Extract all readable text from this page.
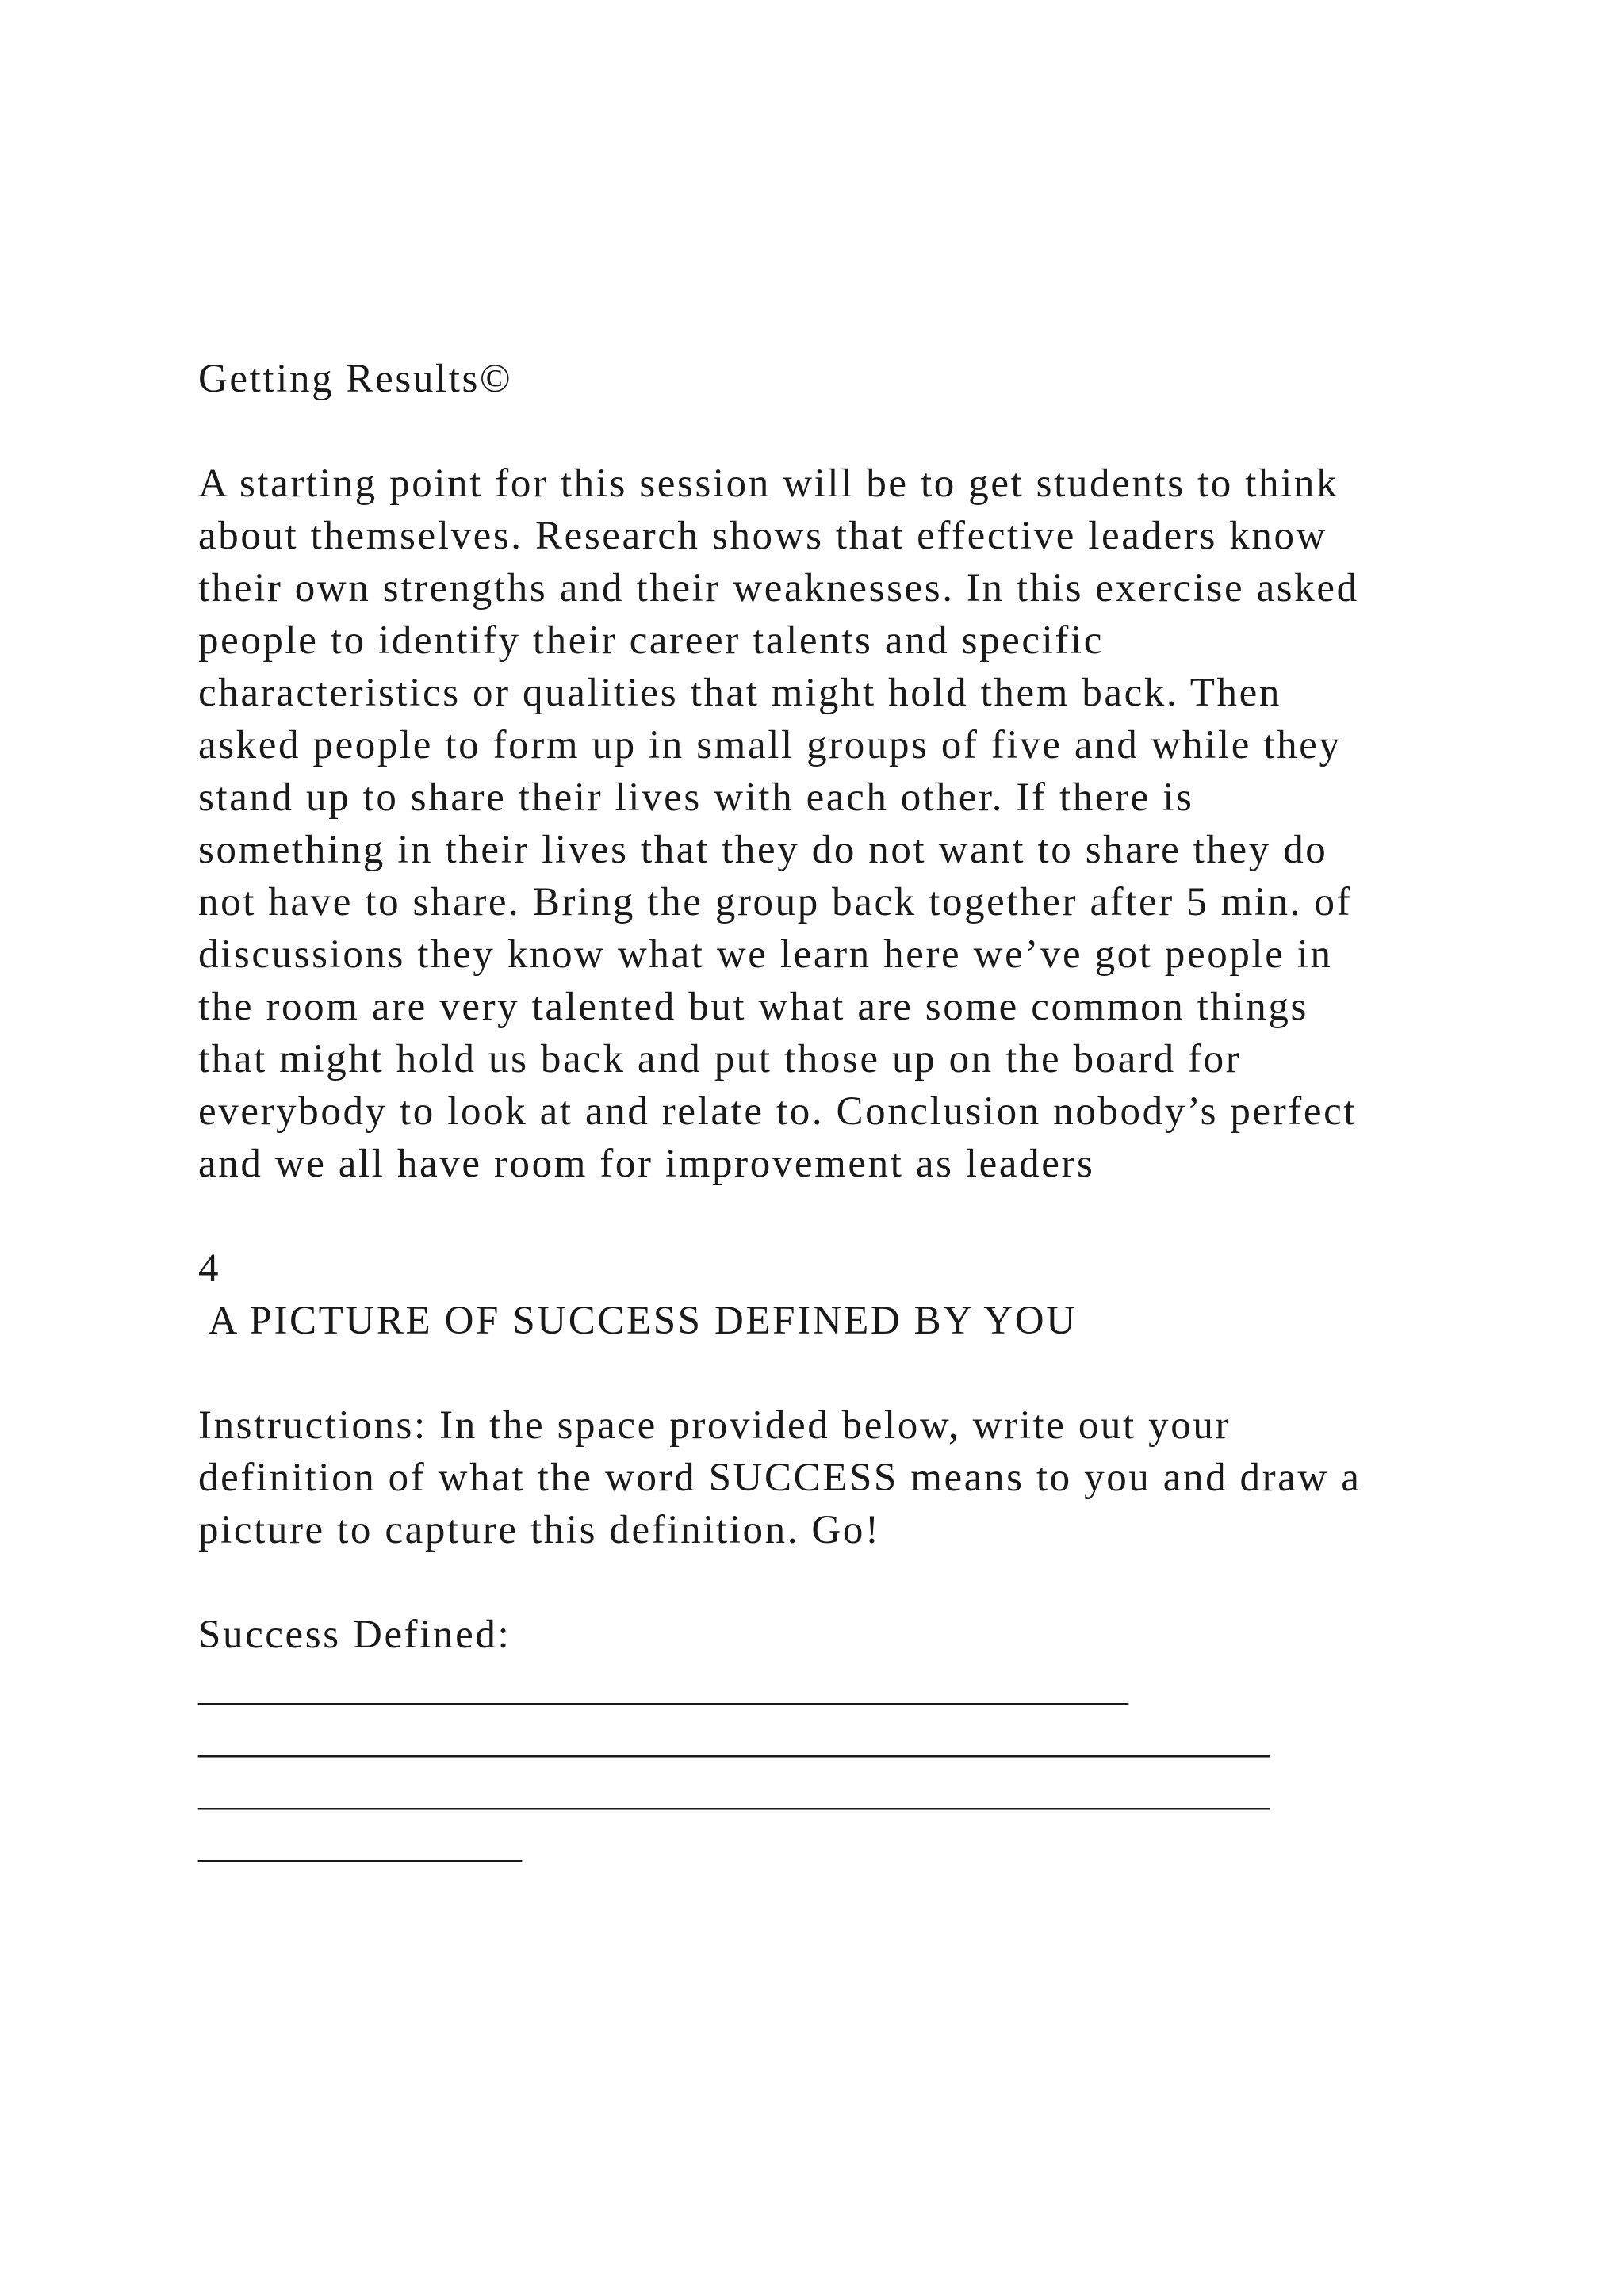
Getting Results©

A starting point for this session will be to get students to think

about themselves. Research shows that effective leaders know

their own strengths and their weaknesses. In this exercise asked

people to identify their career talents and specific

characteristics or qualities that might hold them back. Then

asked people to form up in small groups of five and while they

stand up to share their lives with each other. If there is

something in their lives that they do not want to share they do

not have to share. Bring the group back together after 5 min. of

discussions they know what we learn here we’ve got people in

the room are very talented but what are some common things

that might hold us back and put those up on the board for

everybody to look at and relate to. Conclusion nobody’s perfect

and we all have room for improvement as leaders

4

A PICTURE OF SUCCESS DEFINED BY YOU

Instructions: In the space provided below, write out your

definition of what the word SUCCESS means to you and draw a

picture to capture this definition. Go!

Success Defined:

______________________________________________

_____________________________________________________

_____________________________________________________

________________
